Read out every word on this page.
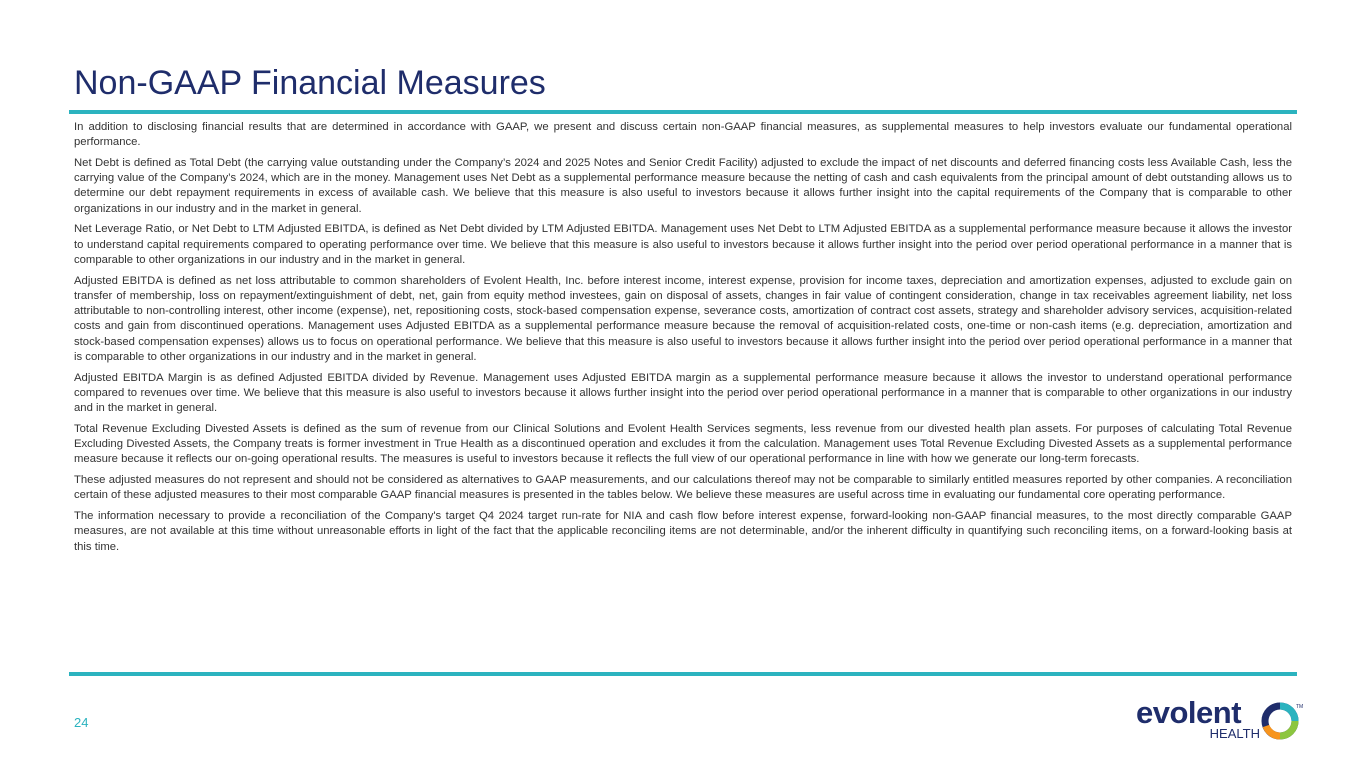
Non-GAAP Financial Measures

In addition to disclosing financial results that are determined in accordance with GAAP, we present and discuss certain non-GAAP financial measures, as supplemental measures to help investors evaluate our fundamental operational performance.

Net Debt is defined as Total Debt (the carrying value outstanding under the Company’s 2024 and 2025 Notes and Senior Credit Facility) adjusted to exclude the impact of net discounts and deferred financing costs less Available Cash, less the carrying value of the Company’s 2024, which are in the money. Management uses Net Debt as a supplemental performance measure because the netting of cash and cash equivalents from the principal amount of debt outstanding allows us to determine our debt repayment requirements in excess of available cash. We believe that this measure is also useful to investors because it allows further insight into the capital requirements of the Company that is comparable to other organizations in our industry and in the market in general.

Net Leverage Ratio, or Net Debt to LTM Adjusted EBITDA, is defined as Net Debt divided by LTM Adjusted EBITDA. Management uses Net Debt to LTM Adjusted EBITDA as a supplemental performance measure because it allows the investor to understand capital requirements compared to operating performance over time. We believe that this measure is also useful to investors because it allows further insight into the period over period operational performance in a manner that is comparable to other organizations in our industry and in the market in general.

Adjusted EBITDA is defined as net loss attributable to common shareholders of Evolent Health, Inc. before interest income, interest expense, provision for income taxes, depreciation and amortization expenses, adjusted to exclude gain on transfer of membership, loss on repayment/extinguishment of debt, net, gain from equity method investees, gain on disposal of assets, changes in fair value of contingent consideration, change in tax receivables agreement liability, net loss attributable to non-controlling interest, other income (expense), net, repositioning costs, stock-based compensation expense, severance costs, amortization of contract cost assets, strategy and shareholder advisory services, acquisition-related costs and gain from discontinued operations. Management uses Adjusted EBITDA as a supplemental performance measure because the removal of acquisition-related costs, one-time or non-cash items (e.g. depreciation, amortization and stock-based compensation expenses) allows us to focus on operational performance. We believe that this measure is also useful to investors because it allows further insight into the period over period operational performance in a manner that is comparable to other organizations in our industry and in the market in general.

Adjusted EBITDA Margin is as defined Adjusted EBITDA divided by Revenue. Management uses Adjusted EBITDA margin as a supplemental performance measure because it allows the investor to understand operational performance compared to revenues over time. We believe that this measure is also useful to investors because it allows further insight into the period over period operational performance in a manner that is comparable to other organizations in our industry and in the market in general.

Total Revenue Excluding Divested Assets is defined as the sum of revenue from our Clinical Solutions and Evolent Health Services segments, less revenue from our divested health plan assets. For purposes of calculating Total Revenue Excluding Divested Assets, the Company treats is former investment in True Health as a discontinued operation and excludes it from the calculation. Management uses Total Revenue Excluding Divested Assets as a supplemental performance measure because it reflects our on-going operational results. The measures is useful to investors because it reflects the full view of our operational performance in line with how we generate our long-term forecasts.

These adjusted measures do not represent and should not be considered as alternatives to GAAP measurements, and our calculations thereof may not be comparable to similarly entitled measures reported by other companies. A reconciliation certain of these adjusted measures to their most comparable GAAP financial measures is presented in the tables below. We believe these measures are useful across time in evaluating our fundamental core operating performance.

The information necessary to provide a reconciliation of the Company's target Q4 2024 target run-rate for NIA and cash flow before interest expense, forward-looking non-GAAP financial measures, to the most directly comparable GAAP measures, are not available at this time without unreasonable efforts in light of the fact that the applicable reconciling items are not determinable, and/or the inherent difficulty in quantifying such reconciling items, on a forward-looking basis at this time.

24	evolent
HEALTH
TM
